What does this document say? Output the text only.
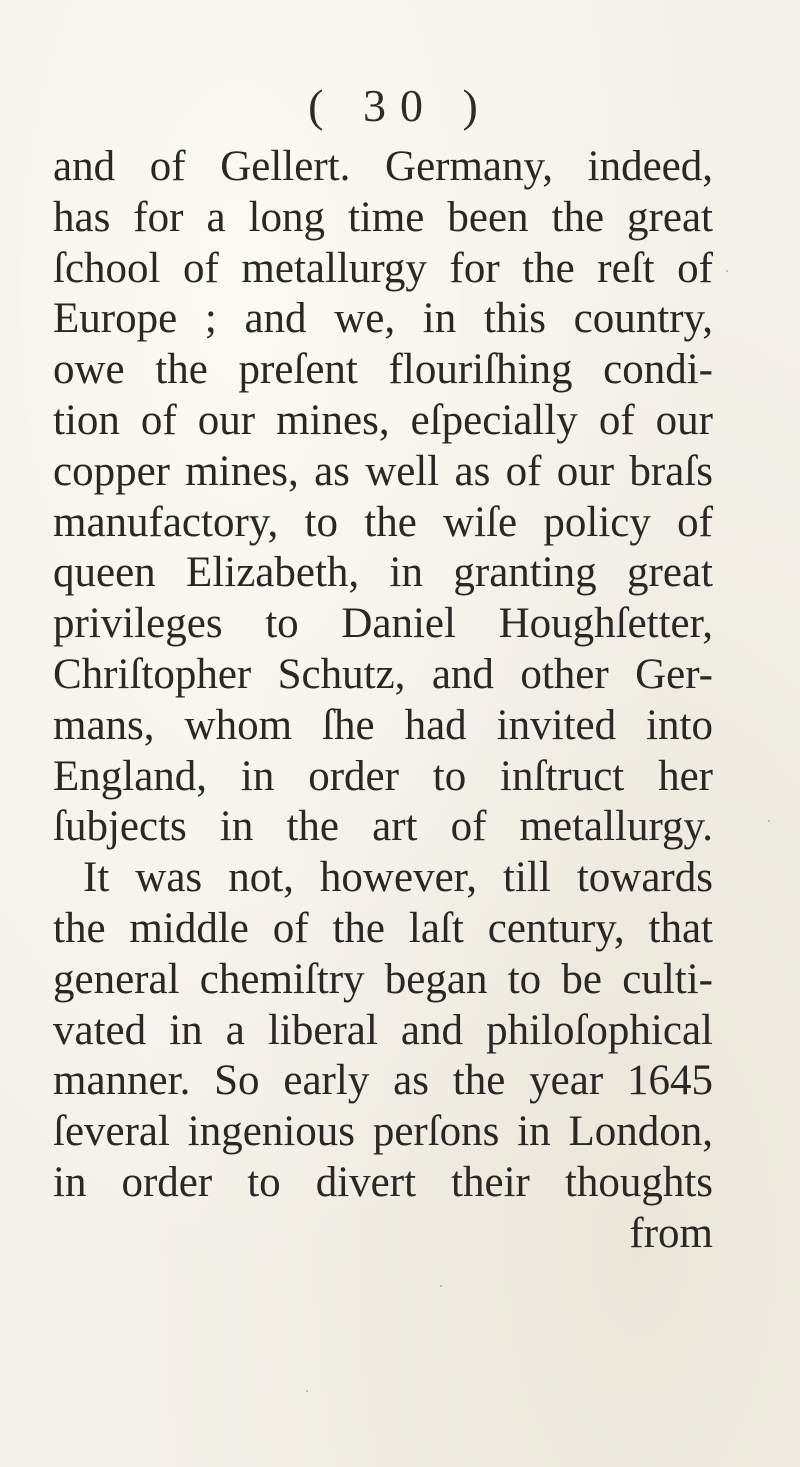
( 30 )
and of Gellert. Germany, indeed,
has for a long time been the great
ſchool of metallurgy for the reſt of
Europe ; and we, in this country,
owe the preſent flouriſhing condi-
tion of our mines, eſpecially of our
copper mines, as well as of our braſs
manufactory, to the wiſe policy of
queen Elizabeth, in granting great
privileges to Daniel Houghſetter,
Chriſtopher Schutz, and other Ger-
mans, whom ſhe had invited into
England, in order to inſtruct her
ſubjects in the art of metallurgy.
It was not, however, till towards
the middle of the laſt century, that
general chemiſtry began to be culti-
vated in a liberal and philoſophical
manner. So early as the year 1645
ſeveral ingenious perſons in London,
in order to divert their thoughts
from
